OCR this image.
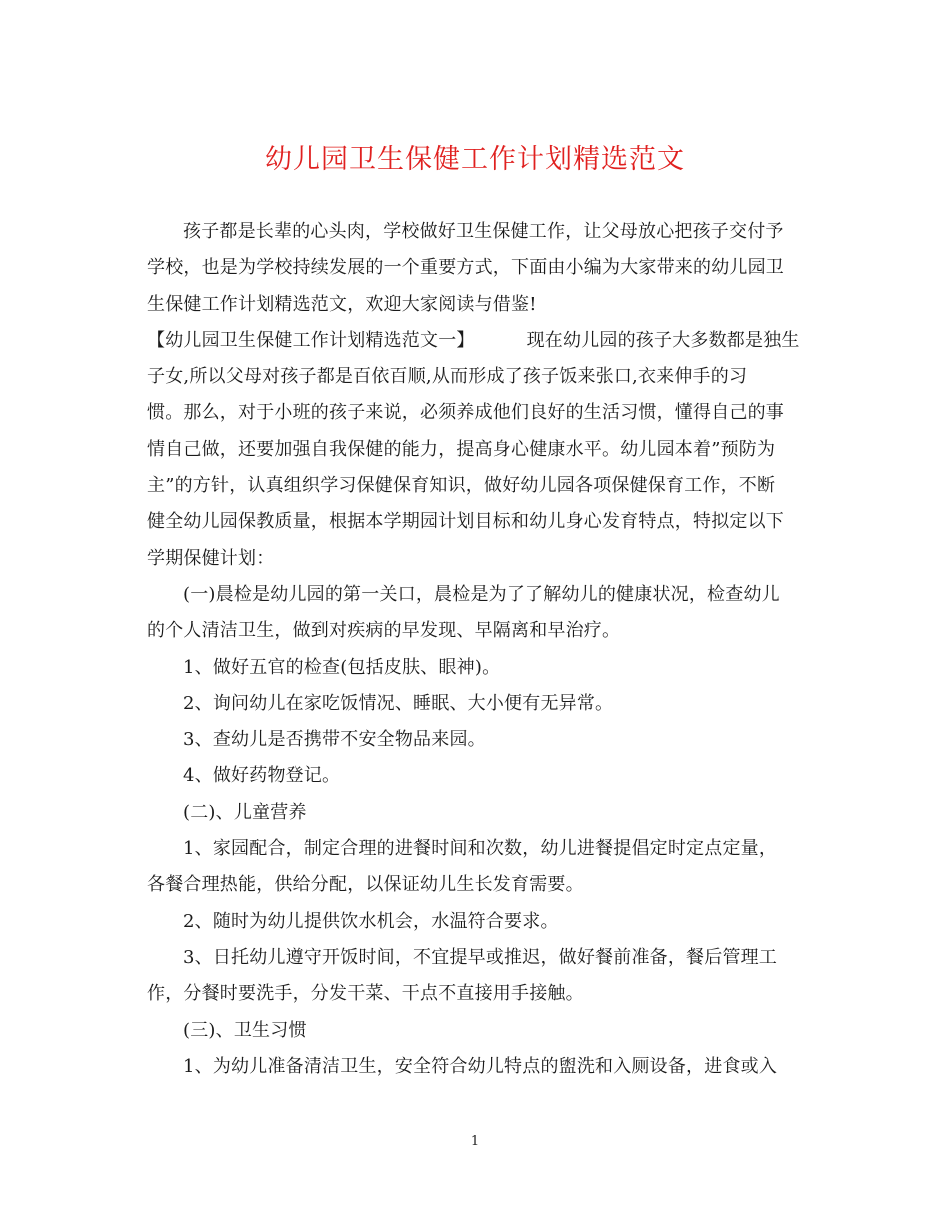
幼儿园卫生保健工作计划精选范文
孩子都是长辈的心头肉，学校做好卫生保健工作，让父母放心把孩子交付予
学校，也是为学校持续发展的一个重要方式，下面由小编为大家带来的幼儿园卫
生保健工作计划精选范文，欢迎大家阅读与借鉴!
【幼儿园卫生保健工作计划精选范文一】	现在幼儿园的孩子大多数都是独生
子女,所以父母对孩子都是百依百顺,从而形成了孩子饭来张口,衣来伸手的习
惯。那么，对于小班的孩子来说，必须养成他们良好的生活习惯，懂得自己的事
情自己做，还要加强自我保健的能力，提高身心健康水平。幼儿园本着”预防为
主”的方针，认真组织学习保健保育知识，做好幼儿园各项保健保育工作，不断
健全幼儿园保教质量，根据本学期园计划目标和幼儿身心发育特点，特拟定以下
学期保健计划：
(一)晨检是幼儿园的第一关口，晨检是为了了解幼儿的健康状况，检查幼儿
的个人清洁卫生，做到对疾病的早发现、早隔离和早治疗。
1、做好五官的检查(包括皮肤、眼神)。
2、询问幼儿在家吃饭情况、睡眠、大小便有无异常。
3、查幼儿是否携带不安全物品来园。
4、做好药物登记。
(二)、儿童营养
1、家园配合，制定合理的进餐时间和次数，幼儿进餐提倡定时定点定量，
各餐合理热能，供给分配，以保证幼儿生长发育需要。
2、随时为幼儿提供饮水机会，水温符合要求。
3、日托幼儿遵守开饭时间，不宜提早或推迟，做好餐前准备，餐后管理工
作，分餐时要洗手，分发干菜、干点不直接用手接触。
(三)、卫生习惯
1、为幼儿准备清洁卫生，安全符合幼儿特点的盥洗和入厕设备，进食或入
1
